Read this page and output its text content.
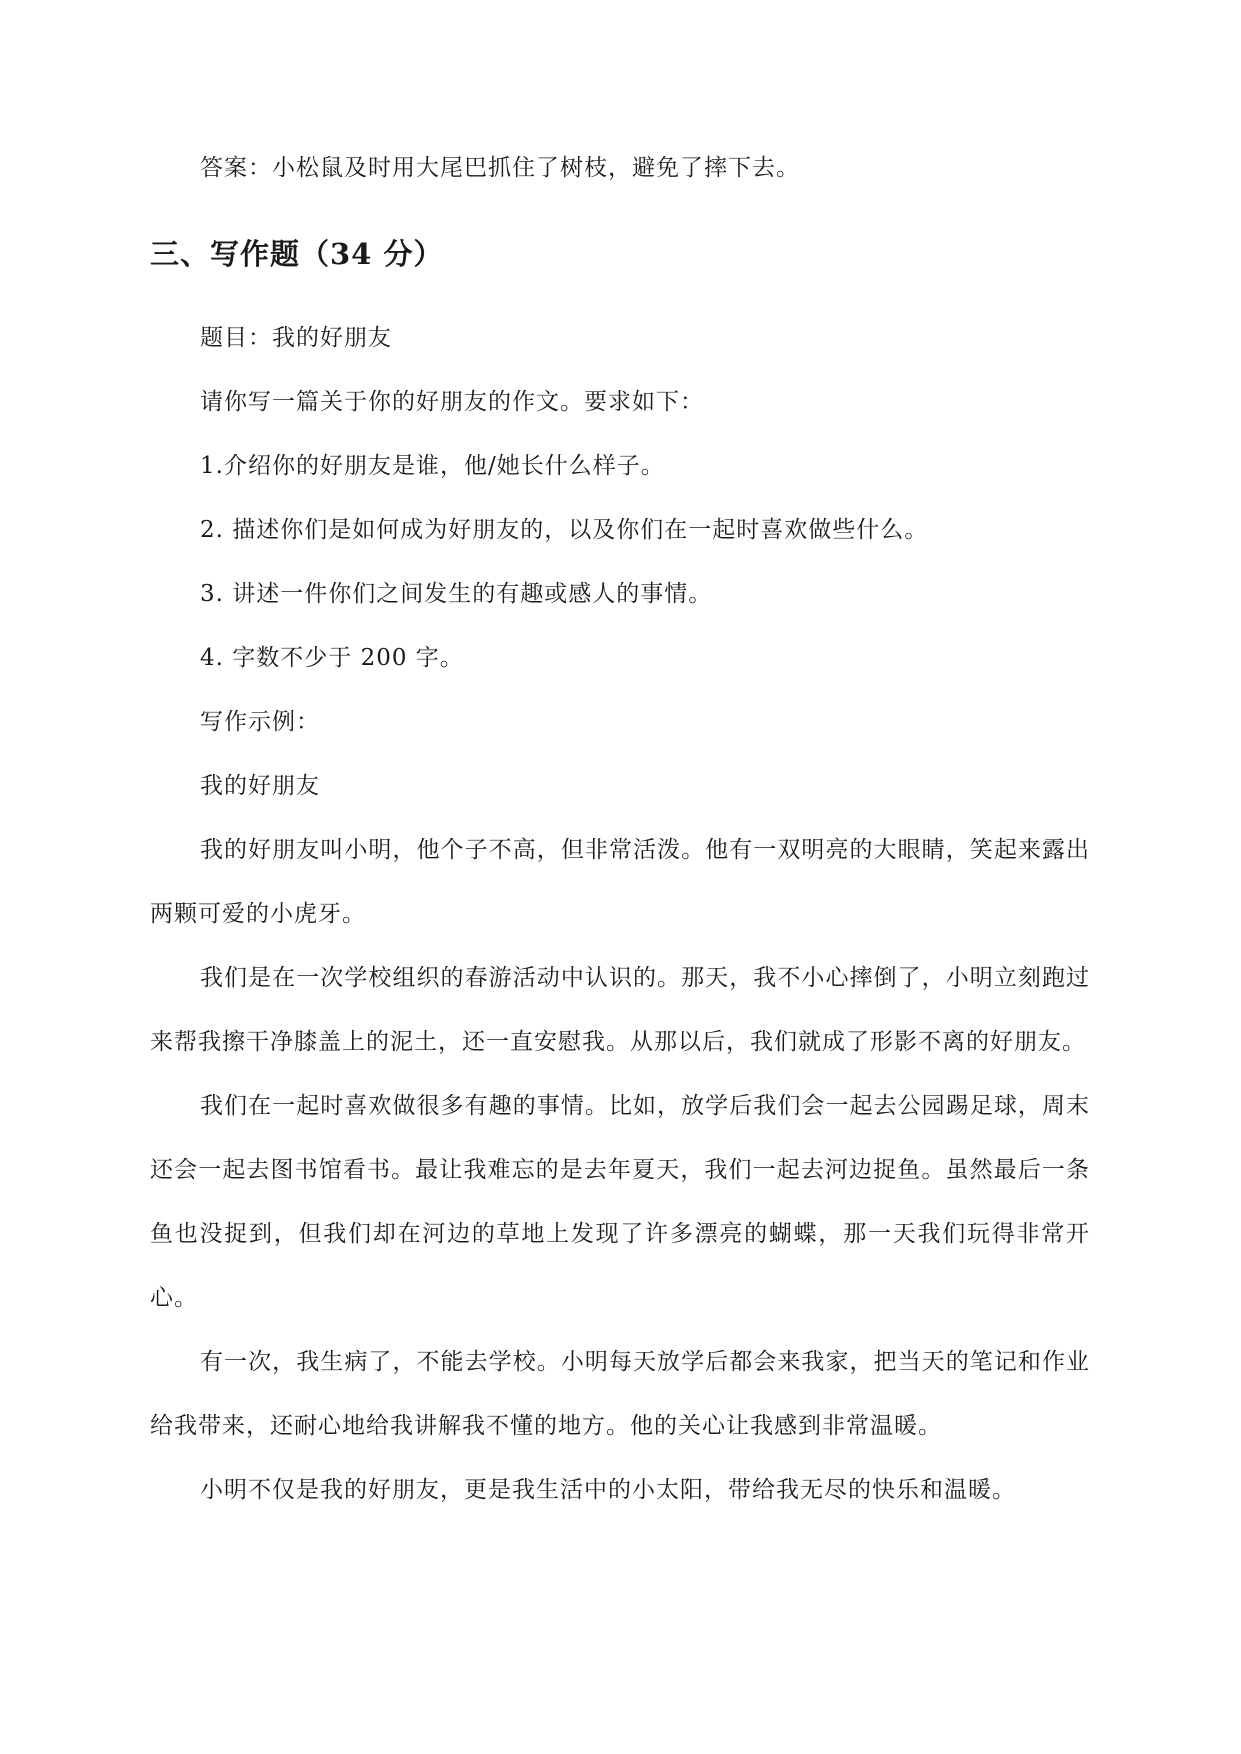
答案：小松鼠及时用大尾巴抓住了树枝，避免了摔下去。

三、写作题（34 分）

题目：我的好朋友

请你写一篇关于你的好朋友的作文。要求如下：

1.介绍你的好朋友是谁，他/她长什么样子。

2. 描述你们是如何成为好朋友的，以及你们在一起时喜欢做些什么。

3. 讲述一件你们之间发生的有趣或感人的事情。

4. 字数不少于 200 字。

写作示例：

我的好朋友

我的好朋友叫小明，他个子不高，但非常活泼。他有一双明亮的大眼睛，笑起来露出两颗可爱的小虎牙。

我们是在一次学校组织的春游活动中认识的。那天，我不小心摔倒了，小明立刻跑过来帮我擦干净膝盖上的泥土，还一直安慰我。从那以后，我们就成了形影不离的好朋友。

我们在一起时喜欢做很多有趣的事情。比如，放学后我们会一起去公园踢足球，周末还会一起去图书馆看书。最让我难忘的是去年夏天，我们一起去河边捉鱼。虽然最后一条鱼也没捉到，但我们却在河边的草地上发现了许多漂亮的蝴蝶，那一天我们玩得非常开心。

有一次，我生病了，不能去学校。小明每天放学后都会来我家，把当天的笔记和作业给我带来，还耐心地给我讲解我不懂的地方。他的关心让我感到非常温暖。

小明不仅是我的好朋友，更是我生活中的小太阳，带给我无尽的快乐和温暖。
